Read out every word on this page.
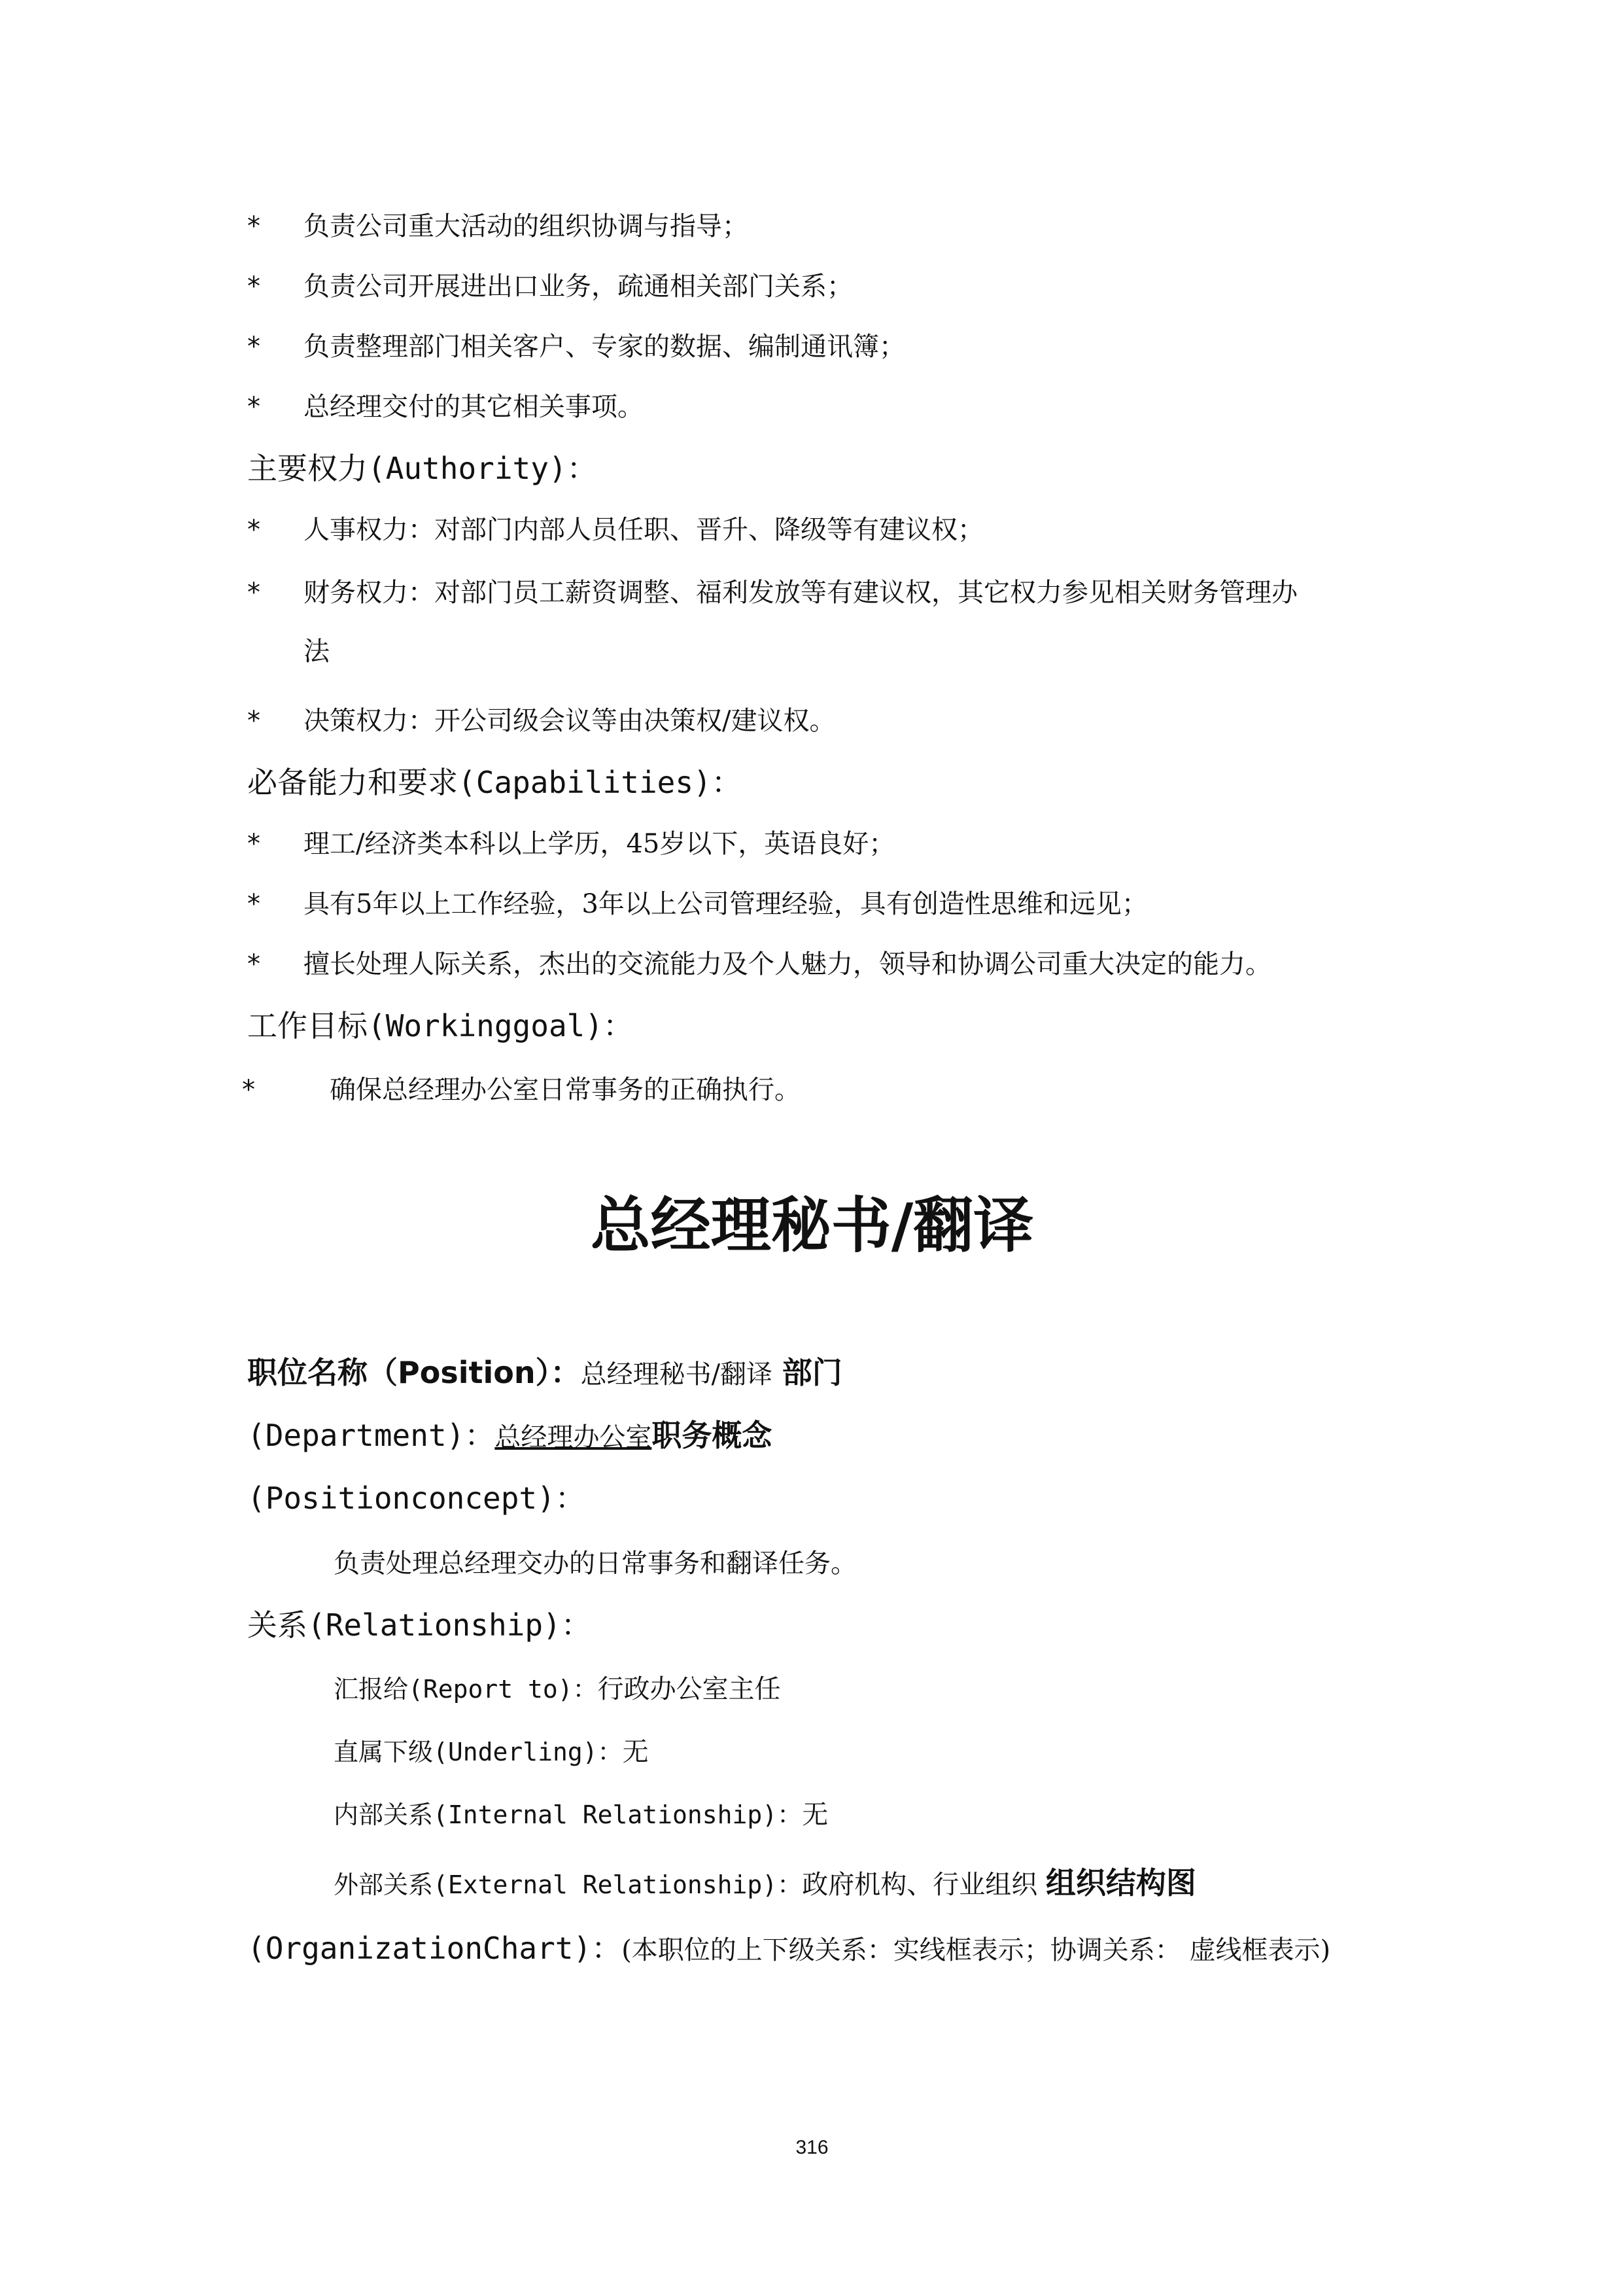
* 负责公司重大活动的组织协调与指导；
* 负责公司开展进出口业务，疏通相关部门关系；
* 负责整理部门相关客户、专家的数据、编制通讯簿；
* 总经理交付的其它相关事项。
主要权力(Authority)：
* 人事权力：对部门内部人员任职、晋升、降级等有建议权；
* 财务权力：对部门员工薪资调整、福利发放等有建议权，其它权力参见相关财务管理办
法
* 决策权力：开公司级会议等由决策权/建议权。
必备能力和要求(Capabilities)：
* 理工/经济类本科以上学历，45岁以下，英语良好；
* 具有5年以上工作经验，3年以上公司管理经验，具有创造性思维和远见；
* 擅长处理人际关系，杰出的交流能力及个人魅力，领导和协调公司重大决定的能力。
工作目标(Workinggoal)：
*	确保总经理办公室日常事务的正确执行。
总经理秘书/翻译
职位名称（Position）：总经理秘书/翻译 部门
(Department)：总经理办公室职务概念
(Positionconcept)：
负责处理总经理交办的日常事务和翻译任务。
关系(Relationship)：
汇报给(Report to)：行政办公室主任
直属下级(Underling)：无
内部关系(Internal Relationship)：无
外部关系(External Relationship)：政府机构、行业组织 组织结构图
(OrganizationChart)：(本职位的上下级关系：实线框表示；协调关系： 虚线框表示)
316
